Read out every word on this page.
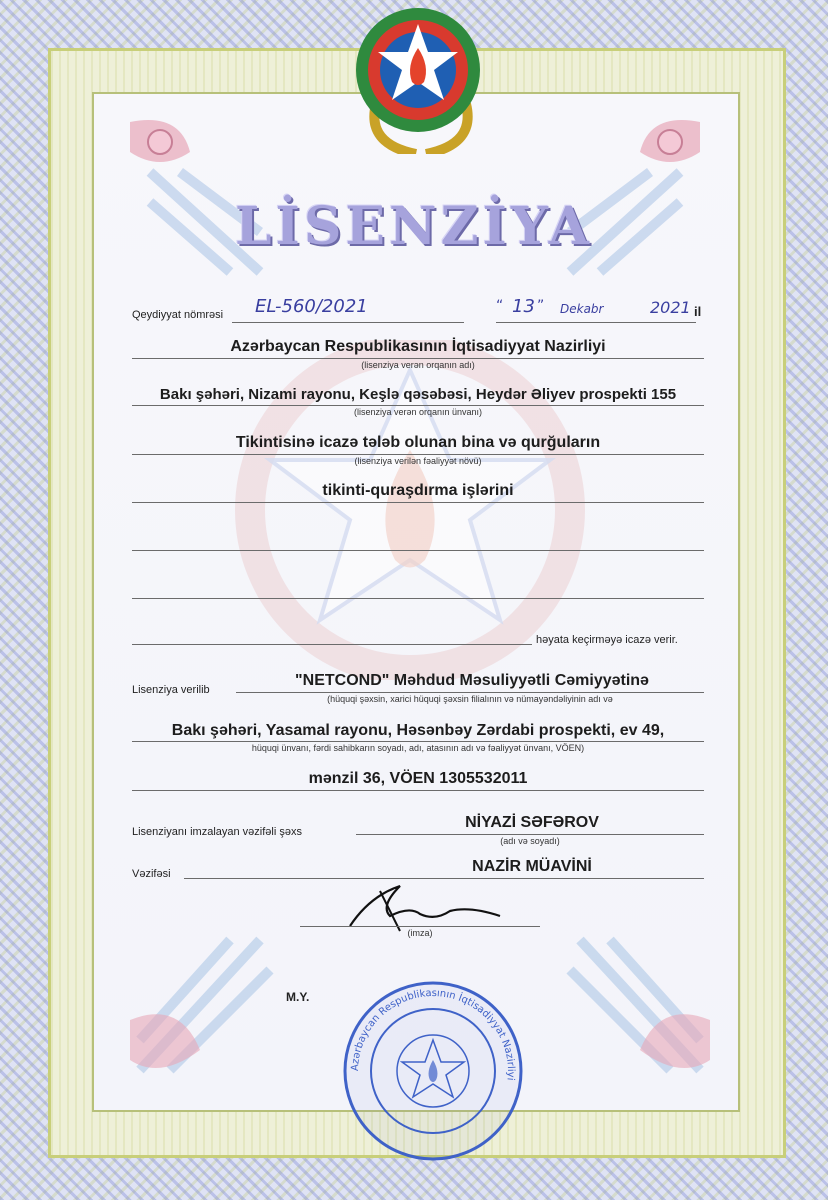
LİSENZİYA
Qeydiyyat nömrəsi EL-560/2021	“ 13 ” Dekabr	2021 il
Azərbaycan Respublikasının İqtisadiyyat Nazirliyi
(lisenziya verən orqanın adı)
Bakı şəhəri, Nizami rayonu, Keşlə qəsəbəsi, Heydər Əliyev prospekti 155
(lisenziya verən orqanın ünvanı)
Tikintisinə icazə tələb olunan bina və qurğuların
(lisenziya verilən fəaliyyət növü)
tikinti-quraşdırma işlərini
həyata keçirməyə icazə verir.
Lisenziya verilib
"NETCOND" Məhdud Məsuliyyətli Cəmiyyətinə
(hüquqi şəxsin, xarici hüquqi şəxsin filialının və nümayəndəliyinin adı və
Bakı şəhəri, Yasamal rayonu, Həsənbəy Zərdabi prospekti, ev 49,
hüquqi ünvanı, fərdi sahibkarın soyadı, adı, atasının adı və fəaliyyət ünvanı, VÖEN)
mənzil 36, VÖEN 1305532011
Lisenziyanı imzalayan vəzifəli şəxs
NİYAZİ SƏFƏROV
(adı və soyadı)
Vəzifəsi	NAZİR MÜAVİNİ
(imza)
M.Y.
Azərbaycan Respublikasının İqtisadiyyat Nazirliyi
